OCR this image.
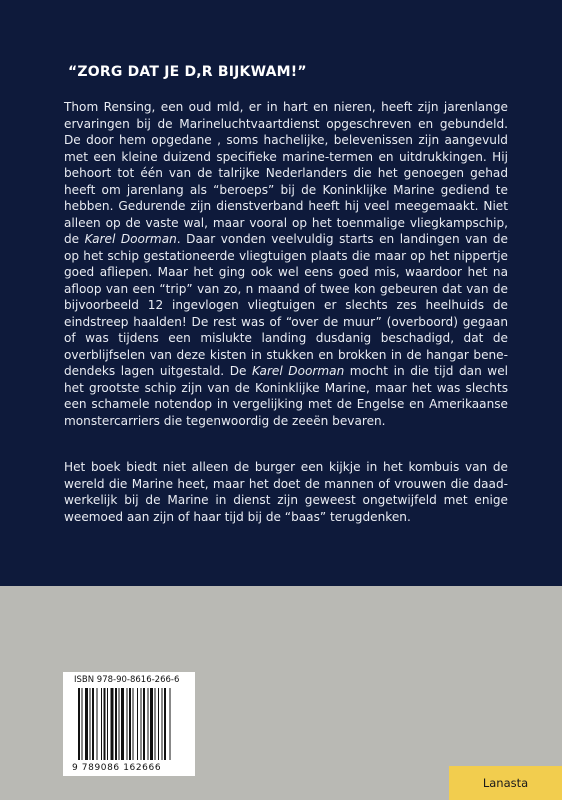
“ZORG DAT JE D,R BIJKWAM!”
Thom Rensing, een oud mld, er in hart en nieren, heeft zijn jarenlange ervaringen bij de Marineluchtvaartdienst opgeschreven en gebundeld. De door hem opgedane , soms hachelijke, belevenissen zijn aangevuld met een kleine duizend specifieke marine-termen en uitdrukkingen. Hij behoort tot één van de talrijke Nederlanders die het genoegen gehad heeft om jarenlang als “beroeps” bij de Koninklijke Marine gediend te hebben. Gedurende zijn dienstverband heeft hij veel meegemaakt. Niet alleen op de vaste wal, maar vooral op het toenmalige vliegkampschip, de Karel Doorman. Daar vonden veelvuldig starts en landingen van de op het schip gestationeerde vliegtuigen plaats die maar op het nippertje goed afliepen. Maar het ging ook wel eens goed mis, waardoor het na afloop van een “trip” van zo, n maand of twee kon gebeuren dat van de bijvoorbeeld 12 ingevlogen vliegtuigen er slechts zes heelhuids de eindstreep haalden! De rest was of “over de muur” (overboord) gegaan of was tijdens een mislukte landing dusdanig beschadigd, dat de overblijfselen van deze kisten in stukken en brokken in de hangar benedendeks lagen uitgestald. De Karel Doorman mocht in die tijd dan wel het grootste schip zijn van de Koninklijke Marine, maar het was slechts een schamele notendop in vergelijking met de Engelse en Amerikaanse monstercarriers die tegenwoordig de zeeën bevaren.
Het boek biedt niet alleen de burger een kijkje in het kombuis van de wereld die Marine heet, maar het doet de mannen of vrouwen die daadwerkelijk bij de Marine in dienst zijn geweest ongetwijfeld met enige weemoed aan zijn of haar tijd bij de “baas” terugdenken.
ISBN 978-90-8616-266-6
9 789086 162666
Lanasta
